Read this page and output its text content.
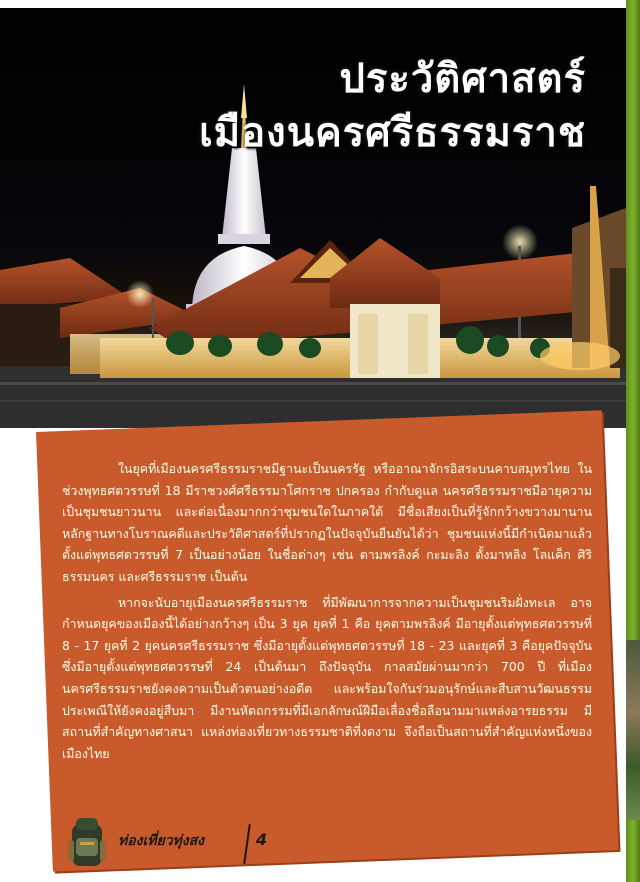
ประวัติศาสตร์
เมืองนครศรีธรรมราช

ในยุคที่เมืองนครศรีธรรมราชมีฐานะเป็นนครรัฐ หรืออาณาจักรอิสระบนคาบสมุทรไทย ในช่วงพุทธศตวรรษที่ 18 มีราชวงศ์ศรีธรรมาโศกราช ปกครอง กำกับดูแล นครศรีธรรมราชมีอายุความเป็นชุมชนยาวนาน และต่อเนื่องมากกว่าชุมชนใดในภาคใต้ มีชื่อเสียงเป็นที่รู้จักกว้างขวางมานาน หลักฐานทางโบราณคดีและประวัติศาสตร์ที่ปรากฏในปัจจุบันยืนยันได้ว่า ชุมชนแห่งนี้มีกำเนิดมาแล้วตั้งแต่พุทธศตวรรษที่ 7 เป็นอย่างน้อย ในชื่อต่างๆ เช่น ตามพรลิงค์ กะมะลิง ตั้งมาหลิง โลแค็ก ศิริธรรมนคร และศรีธรรมราช เป็นต้น

หากจะนับอายุเมืองนครศรีธรรมราช ที่มีพัฒนาการจากความเป็นชุมชนริมฝั่งทะเล อาจกำหนดยุคของเมืองนี้ได้อย่างกว้างๆ เป็น 3 ยุค ยุคที่ 1 คือ ยุคตามพรลิงค์ มีอายุตั้งแต่พุทธศตวรรษที่ 8 - 17 ยุคที่ 2 ยุคนครศรีธรรมราช ซึ่งมีอายุตั้งแต่พุทธศตวรรษที่ 18 - 23 และยุคที่ 3 คือยุคปัจจุบัน ซึ่งมีอายุตั้งแต่พุทธศตวรรษที่ 24 เป็นต้นมา ถึงปัจจุบัน กาลสมัยผ่านมากว่า 700 ปี ที่เมืองนครศรีธรรมราชยังคงความเป็นตัวตนอย่างอดีต และพร้อมใจกันร่วมอนุรักษ์และสืบสานวัฒนธรรมประเพณีให้ยังคงอยู่สืบมา มีงานหัตถกรรมที่มีเอกลักษณ์ฝีมือเลื่องชื่อลือนามมาแหล่งอารยธรรม มีสถานที่สำคัญทางศาสนา แหล่งท่องเที่ยวทางธรรมชาติที่งดงาม จึงถือเป็นสถานที่สำคัญแห่งหนึ่งของเมืองไทย

ท่องเที่ยวทุ่งสง	4
